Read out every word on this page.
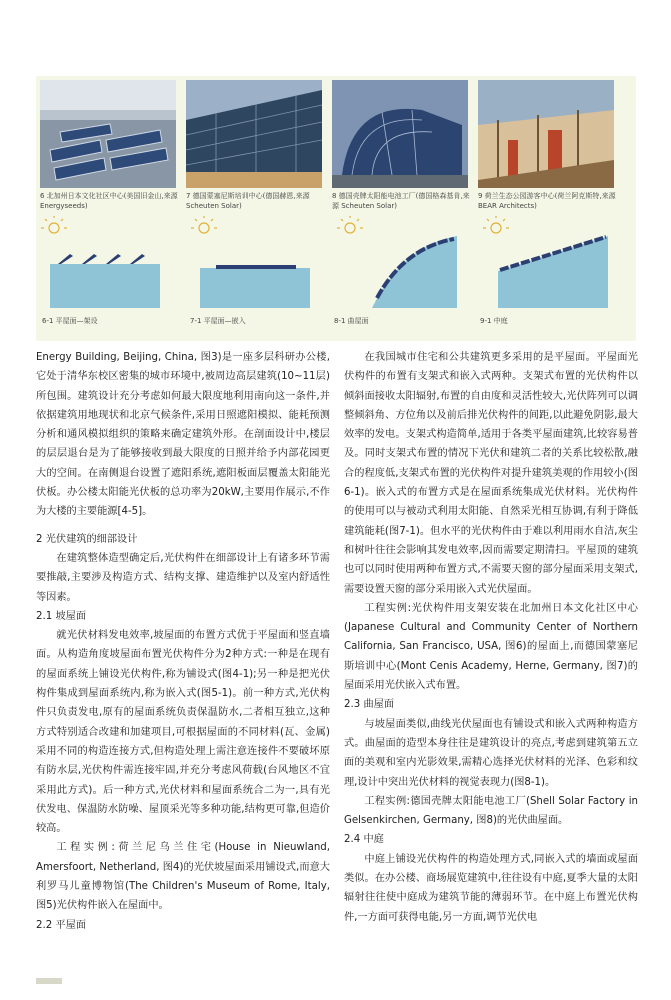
6 北加州日本文化社区中心(美国旧金山,来源 Energyseeds)
7 德国蒙塞尼斯培训中心(德国赫恩,来源 Scheuten Solar)
8 德国壳牌太阳能电池工厂(德国格森基肯,来源 Scheuten Solar)
9 荷兰生态公园游客中心(荷兰阿克斯特,来源 BEAR Architects)
6-1 平屋面—架设	7-1 平屋面—嵌入	8-1 曲屋面	9-1 中庭

Energy Building, Beijing, China, 图3)是一座多层科研办公楼,它处于清华东校区密集的城市环境中,被周边高层建筑(10~11层)所包围。建筑设计充分考虑如何最大限度地利用南向这一条件,并依据建筑用地现状和北京气候条件,采用日照遮阳模拟、能耗预测分析和通风模拟组织的策略来确定建筑外形。在剖面设计中,楼层的层层退台是为了能够接收到最大限度的日照并给予内部花园更大的空间。在南侧退台设置了遮阳系统,遮阳板面层覆盖太阳能光伏板。办公楼太阳能光伏板的总功率为20kW,主要用作展示,不作为大楼的主要能源[4-5]。

2 光伏建筑的细部设计

在建筑整体造型确定后,光伏构件在细部设计上有诸多环节需要推敲,主要涉及构造方式、结构支撑、建造维护以及室内舒适性等因素。

2.1 坡屋面

就光伏材料发电效率,坡屋面的布置方式优于平屋面和竖直墙面。从构造角度坡屋面布置光伏构件分为2种方式:一种是在现有的屋面系统上铺设光伏构件,称为铺设式(图4-1);另一种是把光伏构件集成到屋面系统内,称为嵌入式(图5-1)。前一种方式,光伏构件只负责发电,原有的屋面系统负责保温防水,二者相互独立,这种方式特别适合改建和加建项目,可根据屋面的不同材料(瓦、金属)采用不同的构造连接方式,但构造处理上需注意连接件不要破坏原有防水层,光伏构件需连接牢固,并充分考虑风荷载(台风地区不宜采用此方式)。后一种方式,光伏材料和屋面系统合二为一,具有光伏发电、保温防水防噪、屋顶采光等多种功能,结构更可靠,但造价较高。

工程实例:荷兰尼乌兰住宅(House in Nieuwland, Amersfoort, Netherland, 图4)的光伏坡屋面采用铺设式,而意大利罗马儿童博物馆(The Children's Museum of Rome, Italy, 图5)光伏构件嵌入在屋面中。

2.2 平屋面

在我国城市住宅和公共建筑更多采用的是平屋面。平屋面光伏构件的布置有支架式和嵌入式两种。支架式布置的光伏构件以倾斜面接收太阳辐射,布置的自由度和灵活性较大,光伏阵列可以调整倾斜角、方位角以及前后排光伏构件的间距,以此避免阴影,最大效率的发电。支架式构造简单,适用于各类平屋面建筑,比较容易普及。同时支架式布置的情况下光伏和建筑二者的关系比较松散,融合的程度低,支架式布置的光伏构件对提升建筑美观的作用较小(图6-1)。嵌入式的布置方式是在屋面系统集成光伏材料。光伏构件的使用可以与被动式利用太阳能、自然采光相互协调,有利于降低建筑能耗(图7-1)。但水平的光伏构件由于难以利用雨水自洁,灰尘和树叶往往会影响其发电效率,因而需要定期清扫。平屋顶的建筑也可以同时使用两种布置方式,不需要天窗的部分屋面采用支架式,需要设置天窗的部分采用嵌入式光伏屋面。

工程实例:光伏构件用支架安装在北加州日本文化社区中心(Japanese Cultural and Community Center of Northern California, San Francisco, USA, 图6)的屋面上,而德国蒙塞尼斯培训中心(Mont Cenis Academy, Herne, Germany, 图7)的屋面采用光伏嵌入式布置。

2.3 曲屋面

与坡屋面类似,曲线光伏屋面也有铺设式和嵌入式两种构造方式。曲屋面的造型本身往往是建筑设计的亮点,考虑到建筑第五立面的美观和室内光影效果,需精心选择光伏材料的光泽、色彩和纹理,设计中突出光伏材料的视觉表现力(图8-1)。

工程实例:德国壳牌太阳能电池工厂(Shell Solar Factory in Gelsenkirchen, Germany, 图8)的光伏曲屋面。

2.4 中庭

中庭上铺设光伏构件的构造处理方式,同嵌入式的墙面或屋面类似。在办公楼、商场展览建筑中,往往设有中庭,夏季大量的太阳辐射往往使中庭成为建筑节能的薄弱环节。在中庭上布置光伏构件,一方面可获得电能,另一方面,调节光伏电
